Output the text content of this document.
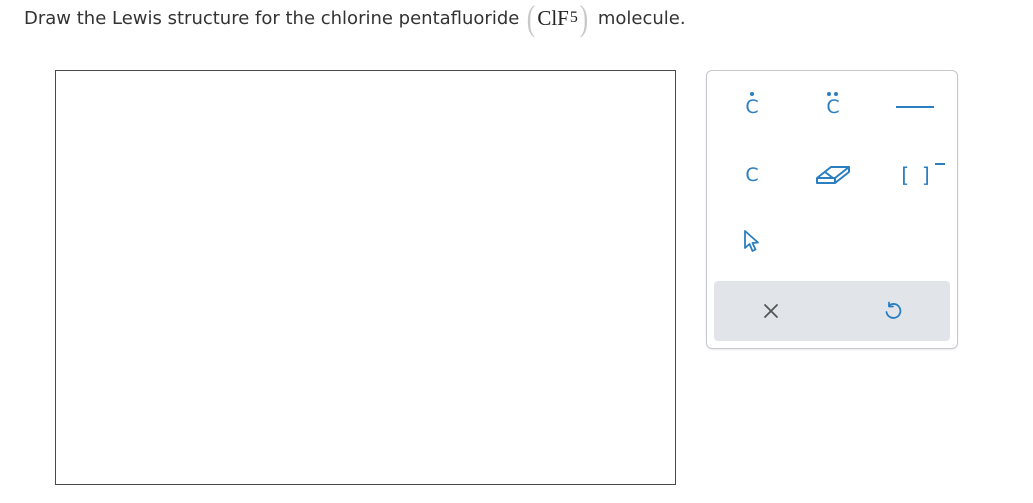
Draw the Lewis structure for the chlorine pentafluoride ( ClF 5 ) molecule.
C	C
C	[ ]
